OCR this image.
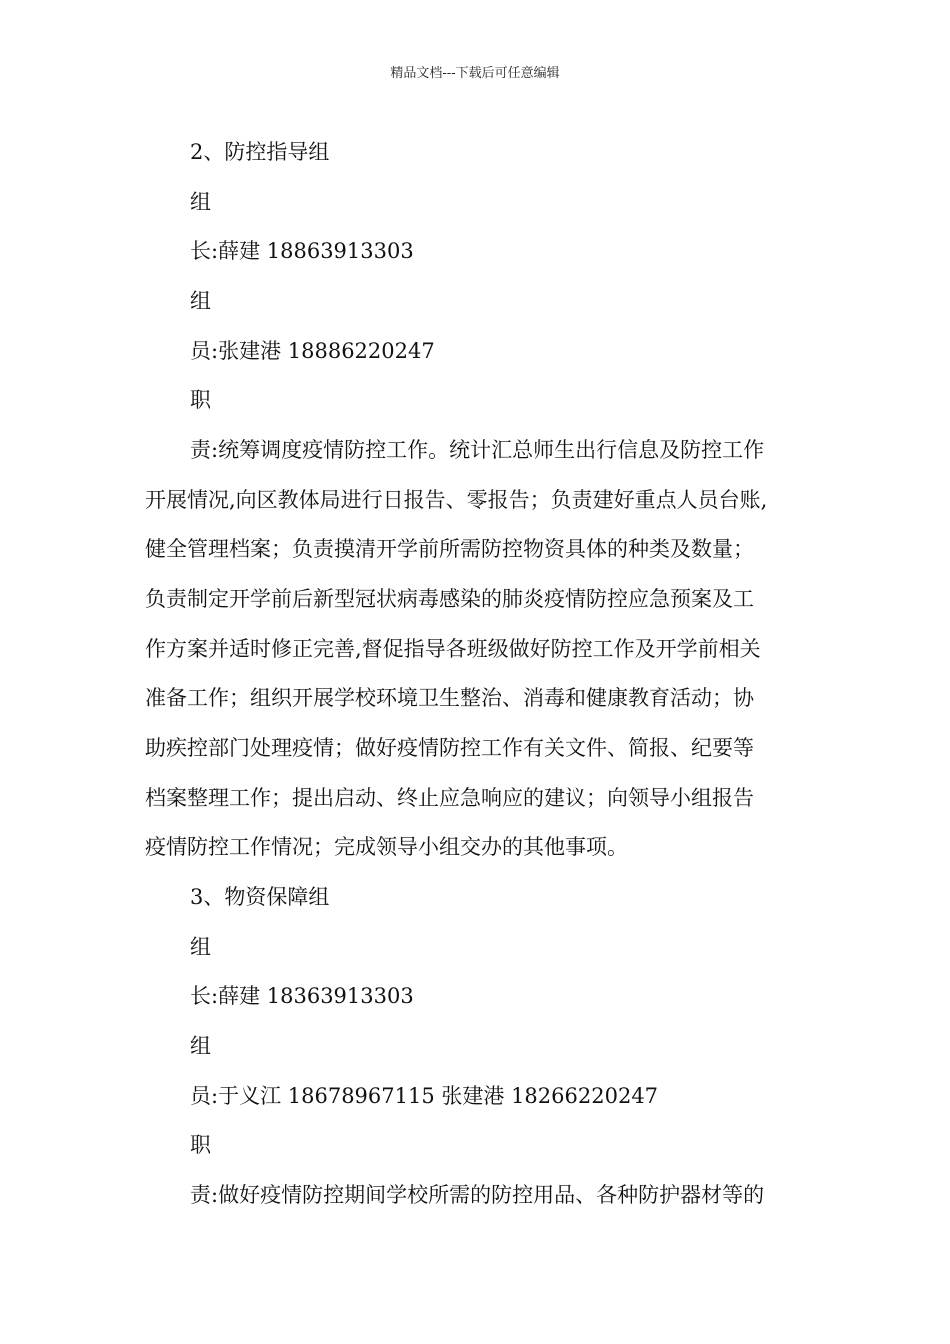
精品文档---下载后可任意编辑
2、防控指导组
组
长:薛建 18863913303
组
员:张建港 18886220247
职
责:统筹调度疫情防控工作。统计汇总师生出行信息及防控工作
开展情况,向区教体局进行日报告、零报告；负责建好重点人员台账,
健全管理档案；负责摸清开学前所需防控物资具体的种类及数量；
负责制定开学前后新型冠状病毒感染的肺炎疫情防控应急预案及工
作方案并适时修正完善,督促指导各班级做好防控工作及开学前相关
准备工作；组织开展学校环境卫生整治、消毒和健康教育活动；协
助疾控部门处理疫情；做好疫情防控工作有关文件、简报、纪要等
档案整理工作；提出启动、终止应急响应的建议；向领导小组报告
疫情防控工作情况；完成领导小组交办的其他事项。
3、物资保障组
组
长:薛建 18363913303
组
员:于义江 18678967115 张建港 18266220247
职
责:做好疫情防控期间学校所需的防控用品、各种防护器材等的
